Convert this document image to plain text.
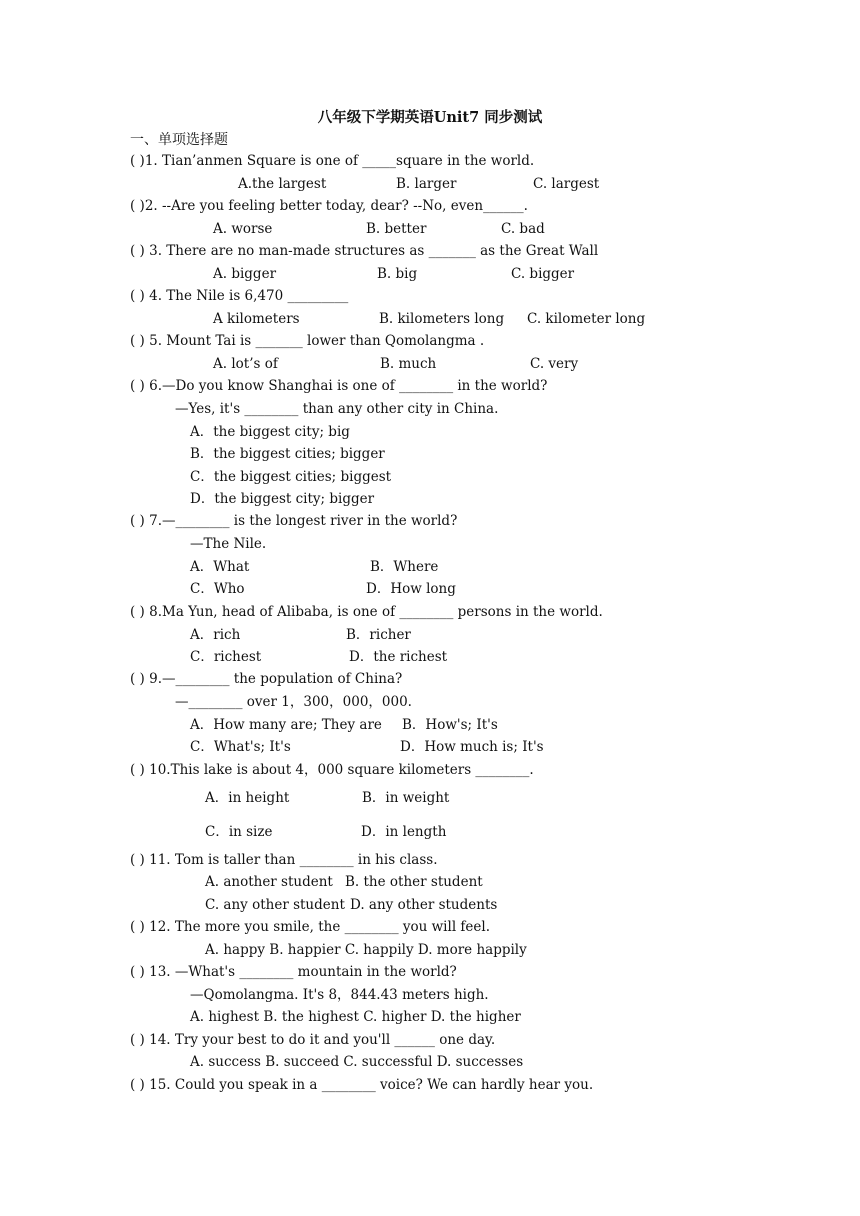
八年级下学期英语Unit7 同步测试
一、单项选择题
( )1. Tian’anmen Square is one of _____square in the world.
( )2. --Are you feeling better today, dear? --No, even______.
( ) 3. There are no man-made structures as _______ as the Great Wall
( ) 4. The Nile is 6,470 _________
( ) 5. Mount Tai is _______ lower than Qomolangma .
( ) 6.—Do you know Shanghai is one of ________ in the world?
—Yes, it's ________ than any other city in China.
A．the biggest city; big
B．the biggest cities; bigger
C．the biggest cities; biggest
D．the biggest city; bigger
( ) 7.—________ is the longest river in the world?
—The Nile.
( ) 8.Ma Yun, head of Alibaba, is one of ________ persons in the world.
( ) 9.—________ the population of China?
—________ over 1，300，000，000.
( ) 10.This lake is about 4，000 square kilometers ________.
( ) 11. Tom is taller than ________ in his class.
( ) 12. The more you smile, the ________ you will feel.
A. happy B. happier C. happily D. more happily
( ) 13. —What's ________ mountain in the world?
—Qomolangma. It's 8，844.43 meters high.
A. highest B. the highest C. higher D. the higher
( ) 14. Try your best to do it and you'll ______ one day.
A. success B. succeed C. successful D. successes
( ) 15. Could you speak in a ________ voice? We can hardly hear you.
A.the largest	B. larger	C. largest
A. worse	B. better	C. bad
A. bigger	B. big	C. bigger
A kilometers	B. kilometers long C. kilometer long
A. lot’s of	B. much	C. very
A．What	B．Where
C．Who	D．How long
A．rich	B．richer
C．richest	D．the richest
A．How many are; They are B．How's; It's
C．What's; It's	D．How much is; It's
A．in height	B．in weight
C．in size	D．in length
A. another student B. the other student
C. any other student D. any other students
